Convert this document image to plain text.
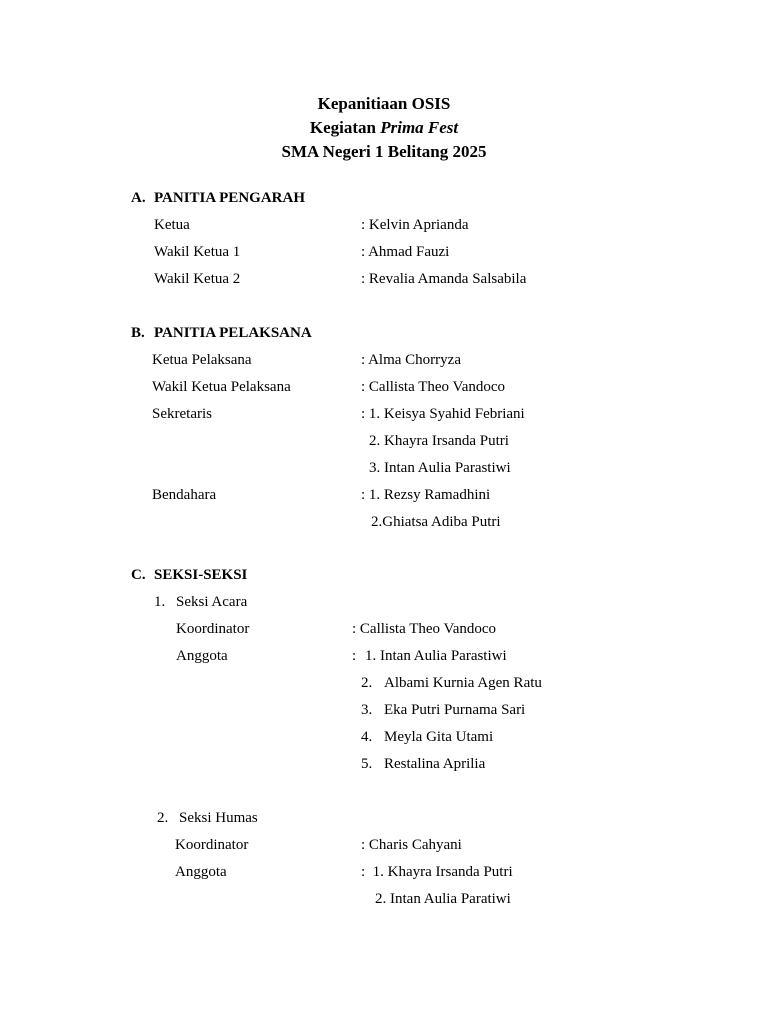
Kepanitiaan OSIS
Kegiatan Prima Fest
SMA Negeri 1 Belitang 2025
A. PANITIA PENGARAH
Ketua	: Kelvin Aprianda
Wakil Ketua 1	: Ahmad Fauzi
Wakil Ketua 2	: Revalia Amanda Salsabila
B. PANITIA PELAKSANA
Ketua Pelaksana	: Alma Chorryza
Wakil Ketua Pelaksana	: Callista Theo Vandoco
Sekretaris	: 1. Keisya Syahid Febriani
2. Khayra Irsanda Putri
3. Intan Aulia Parastiwi
Bendahara	: 1. Rezsy Ramadhini
2.Ghiatsa Adiba Putri
C. SEKSI-SEKSI
1. Seksi Acara
Koordinator	: Callista Theo Vandoco
Anggota	: 1. Intan Aulia Parastiwi
2. Albami Kurnia Agen Ratu
3. Eka Putri Purnama Sari
4. Meyla Gita Utami
5. Restalina Aprilia
2. Seksi Humas
Koordinator	: Charis Cahyani
Anggota	:  1. Khayra Irsanda Putri
2. Intan Aulia Paratiwi
